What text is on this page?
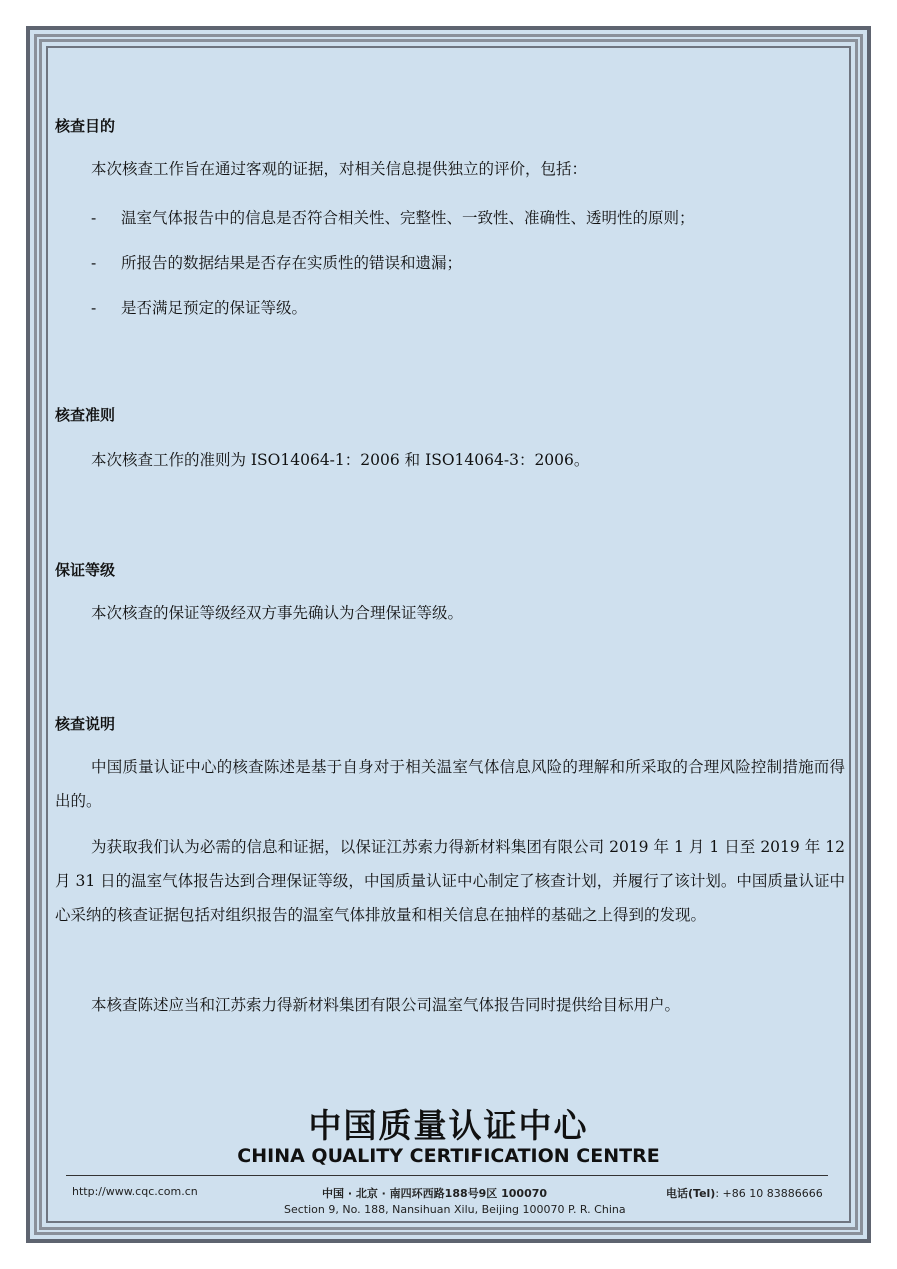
核查目的
本次核查工作旨在通过客观的证据，对相关信息提供独立的评价，包括：
- 温室气体报告中的信息是否符合相关性、完整性、一致性、准确性、透明性的原则；
- 所报告的数据结果是否存在实质性的错误和遗漏；
- 是否满足预定的保证等级。
核查准则
本次核查工作的准则为 ISO14064-1：2006 和 ISO14064-3：2006。
保证等级
本次核查的保证等级经双方事先确认为合理保证等级。
核查说明
中国质量认证中心的核查陈述是基于自身对于相关温室气体信息风险的理解和所采取的合理风险控制措施而得出的。
为获取我们认为必需的信息和证据，以保证江苏索力得新材料集团有限公司 2019 年 1 月 1 日至 2019 年 12 月 31 日的温室气体报告达到合理保证等级，中国质量认证中心制定了核查计划，并履行了该计划。中国质量认证中心采纳的核查证据包括对组织报告的温室气体排放量和相关信息在抽样的基础之上得到的发现。
本核查陈述应当和江苏索力得新材料集团有限公司温室气体报告同时提供给目标用户。
中国质量认证中心
CHINA QUALITY CERTIFICATION CENTRE
http://www.cqc.com.cn	中国 · 北京 · 南四环西路188号9区 100070
Section 9, No. 188, Nansihuan Xilu, Beijing 100070 P. R. China
电话(Tel): +86 10 83886666
